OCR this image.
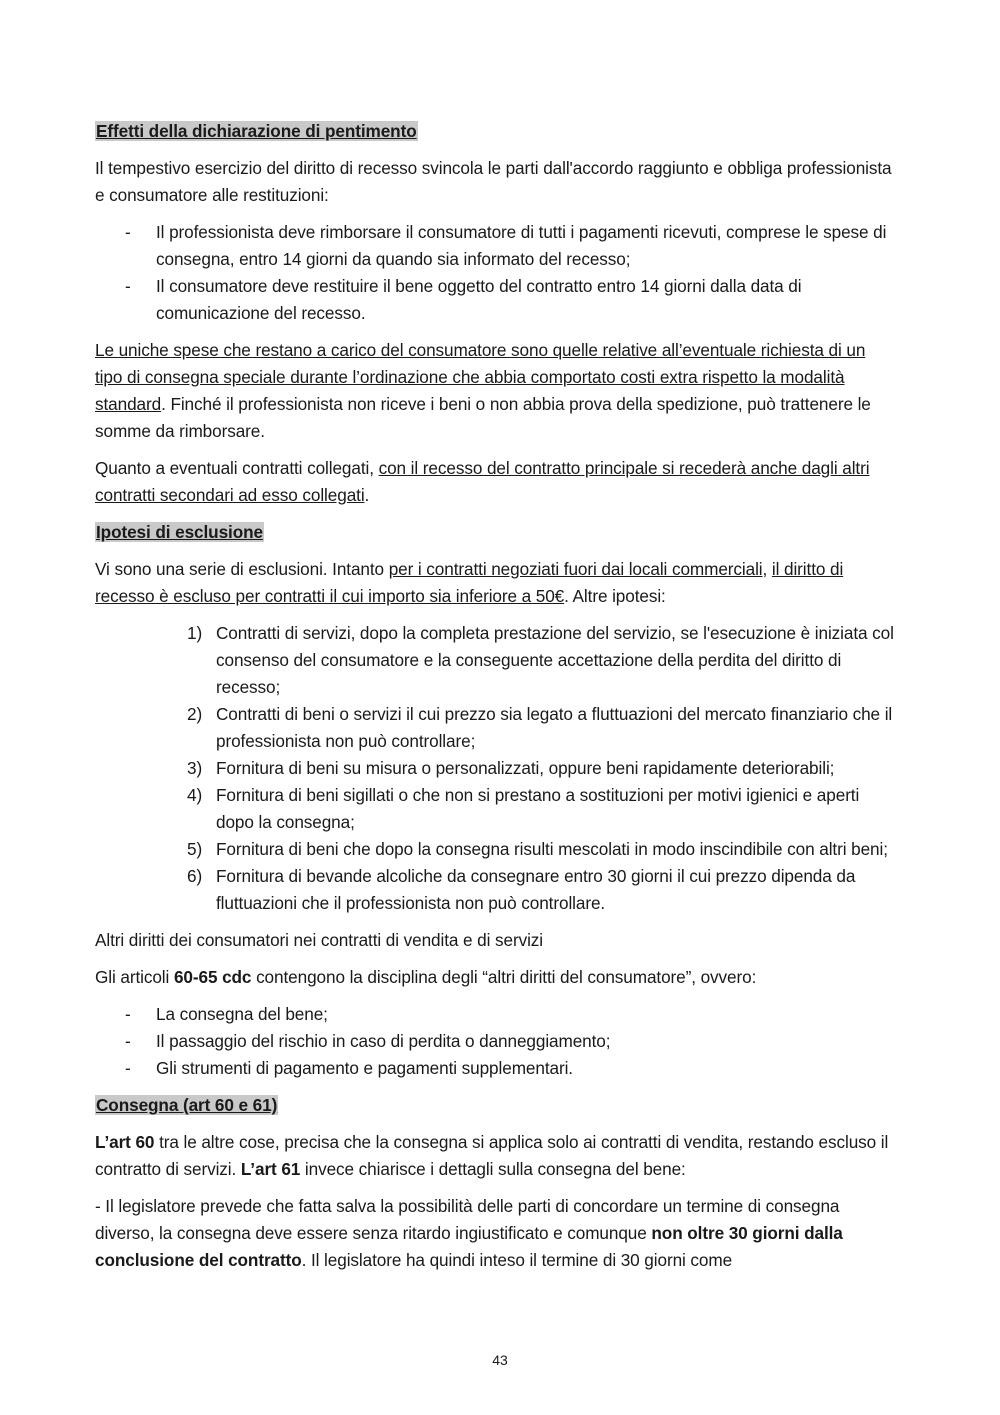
Effetti della dichiarazione di pentimento

Il tempestivo esercizio del diritto di recesso svincola le parti dall'accordo raggiunto e obbliga professionista e consumatore alle restituzioni:

- Il professionista deve rimborsare il consumatore di tutti i pagamenti ricevuti, comprese le spese di consegna, entro 14 giorni da quando sia informato del recesso;
- Il consumatore deve restituire il bene oggetto del contratto entro 14 giorni dalla data di comunicazione del recesso.

Le uniche spese che restano a carico del consumatore sono quelle relative all’eventuale richiesta di un tipo di consegna speciale durante l’ordinazione che abbia comportato costi extra rispetto la modalità standard. Finché il professionista non riceve i beni o non abbia prova della spedizione, può trattenere le somme da rimborsare.

Quanto a eventuali contratti collegati, con il recesso del contratto principale si recederà anche dagli altri contratti secondari ad esso collegati.

Ipotesi di esclusione

Vi sono una serie di esclusioni. Intanto per i contratti negoziati fuori dai locali commerciali, il diritto di recesso è escluso per contratti il cui importo sia inferiore a 50€. Altre ipotesi:

1) Contratti di servizi, dopo la completa prestazione del servizio, se l'esecuzione è iniziata col consenso del consumatore e la conseguente accettazione della perdita del diritto di recesso;
2) Contratti di beni o servizi il cui prezzo sia legato a fluttuazioni del mercato finanziario che il professionista non può controllare;
3) Fornitura di beni su misura o personalizzati, oppure beni rapidamente deteriorabili;
4) Fornitura di beni sigillati o che non si prestano a sostituzioni per motivi igienici e aperti dopo la consegna;
5) Fornitura di beni che dopo la consegna risulti mescolati in modo inscindibile con altri beni;
6) Fornitura di bevande alcoliche da consegnare entro 30 giorni il cui prezzo dipenda da fluttuazioni che il professionista non può controllare.

Altri diritti dei consumatori nei contratti di vendita e di servizi

Gli articoli 60-65 cdc contengono la disciplina degli “altri diritti del consumatore”, ovvero:

- La consegna del bene;
- Il passaggio del rischio in caso di perdita o danneggiamento;
- Gli strumenti di pagamento e pagamenti supplementari.
Consegna (art 60 e 61)

L’art 60 tra le altre cose, precisa che la consegna si applica solo ai contratti di vendita, restando escluso il contratto di servizi. L’art 61 invece chiarisce i dettagli sulla consegna del bene:

- Il legislatore prevede che fatta salva la possibilità delle parti di concordare un termine di consegna diverso, la consegna deve essere senza ritardo ingiustificato e comunque non oltre 30 giorni dalla conclusione del contratto. Il legislatore ha quindi inteso il termine di 30 giorni come

43
